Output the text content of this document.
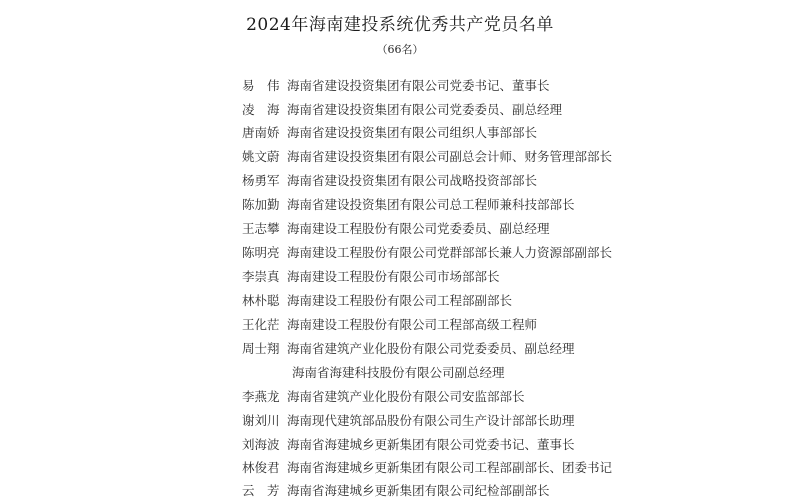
2024年海南建投系统优秀共产党员名单
（66名）
易　伟 海南省建设投资集团有限公司党委书记、董事长
凌　海 海南省建设投资集团有限公司党委委员、副总经理
唐南娇 海南省建设投资集团有限公司组织人事部部长
姚文蔚 海南省建设投资集团有限公司副总会计师、财务管理部部长
杨勇军 海南省建设投资集团有限公司战略投资部部长
陈加勤 海南省建设投资集团有限公司总工程师兼科技部部长
王志攀 海南建设工程股份有限公司党委委员、副总经理
陈明亮 海南建设工程股份有限公司党群部部长兼人力资源部副部长
李崇真 海南建设工程股份有限公司市场部部长
林朴聪 海南建设工程股份有限公司工程部副部长
王化茫 海南建设工程股份有限公司工程部高级工程师
周士翔 海南省建筑产业化股份有限公司党委委员、副总经理
海南省海建科技股份有限公司副总经理
李燕龙 海南省建筑产业化股份有限公司安监部部长
谢刘川 海南现代建筑部品股份有限公司生产设计部部长助理
刘海波 海南省海建城乡更新集团有限公司党委书记、董事长
林俊君 海南省海建城乡更新集团有限公司工程部副部长、团委书记
云　芳 海南省海建城乡更新集团有限公司纪检部副部长
